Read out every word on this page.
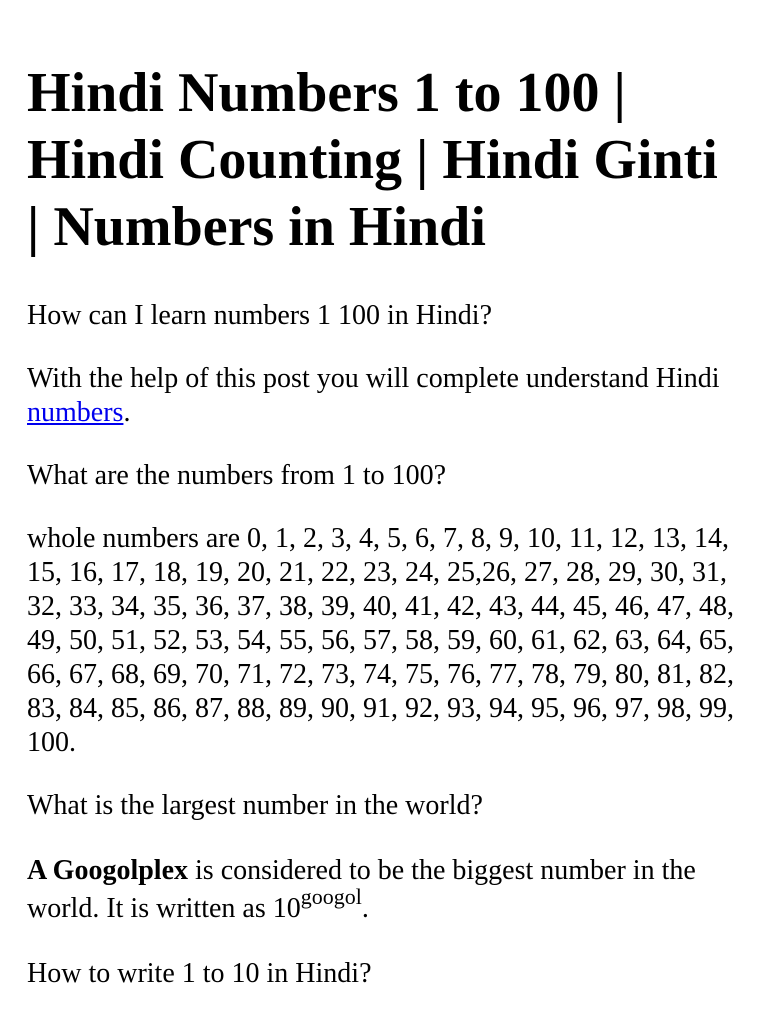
Hindi Numbers 1 to 100 | Hindi Counting | Hindi Ginti | Numbers in Hindi

How can I learn numbers 1 100 in Hindi?

With the help of this post you will complete understand Hindi numbers.

What are the numbers from 1 to 100?

whole numbers are 0, 1, 2, 3, 4, 5, 6, 7, 8, 9, 10, 11, 12, 13, 14, 15, 16, 17, 18, 19, 20, 21, 22, 23, 24, 25,26, 27, 28, 29, 30, 31, 32, 33, 34, 35, 36, 37, 38, 39, 40, 41, 42, 43, 44, 45, 46, 47, 48, 49, 50, 51, 52, 53, 54, 55, 56, 57, 58, 59, 60, 61, 62, 63, 64, 65, 66, 67, 68, 69, 70, 71, 72, 73, 74, 75, 76, 77, 78, 79, 80, 81, 82, 83, 84, 85, 86, 87, 88, 89, 90, 91, 92, 93, 94, 95, 96, 97, 98, 99, 100.

What is the largest number in the world?

A Googolplex is considered to be the biggest number in the world. It is written as $10^{googol}$.

How to write 1 to 10 in Hindi?
